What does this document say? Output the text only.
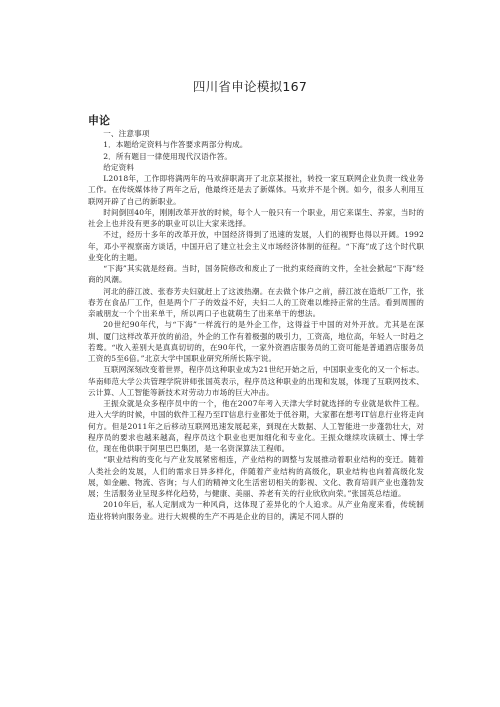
四川省申论模拟167
申论

一、注意事项

1．本题给定资料与作答要求两部分构成。

2．所有题目一律使用现代汉语作答。

给定资料

L2018年，工作即将满两年的马欢辞职离开了北京某报社，转投一家互联网企业负责一线业务工作。在传统媒体待了两年之后，他最终还是去了新媒体。马欢并不是个例。如今，很多人利用互联网开辟了自己的新职业。

时间倒回40年，刚刚改革开放的时候，每个人一般只有一个职业，用它来谋生、养家，当时的社会上也并没有更多的职业可以让大家来选择。

不过，经历十多年的改革开放，中国经济得到了迅速的发展，人们的视野也得以开阔。1992年，邓小平视察南方谈话，中国开启了建立社会主义市场经济体制的征程。“下海”成了这个时代职业变化的主题。

“下海”其实就是经商。当时，国务院修改和废止了一批约束经商的文件，全社会掀起“下海”经商的风潮。

河北的薛江波、张春芳夫妇就赶上了这波热潮。在去做个体户之前，薛江波在造纸厂工作，张春芳在食品厂工作，但是两个厂子的效益不好，夫妇二人的工资难以维持正常的生活。看到周围的亲戚朋友一个个出来单干，所以两口子也就萌生了出来单干的想法。

20世纪90年代，与“下海”一样流行的是外企工作，这得益于中国的对外开放。尤其是在深圳、厦门这样改革开放的前沿，外企的工作有着极强的吸引力，工资高，地位高，年轻人一时趋之若鹜。“收入差别大是真真切切的，在90年代，一家外资酒店服务员的工资可能是普通酒店服务员工资的5至6倍。”北京大学中国职业研究所所长陈宇说。

互联网深刻改变着世界，程序员这种职业成为21世纪开始之后，中国职业变化的又一个标志。华南师范大学公共管理学院讲师张国英表示，程序员这种职业的出现和发展，体现了互联网技术、云计算、人工智能等新技术对劳动力市场的巨大冲击。

王振众就是众多程序员中的一个，他在2007年考入天津大学时就选择的专业就是软件工程。进入大学的时候，中国的软件工程乃至IT信息行业都处于低谷期，大家都在想考IT信息行业将走向何方。但是2011年之后移动互联网迅速发展起来，到现在大数据、人工智能进一步蓬勃壮大，对程序员的要求也越来越高，程序员这个职业也更加细化和专业化。王振众继续攻读硕士、博士学位，现在他供职于阿里巴巴集团，是一名资深算法工程师。

“职业结构的变化与产业发展紧密相连，产业结构的调整与发展推动着职业结构的变迁。随着人类社会的发展，人们的需求日异多样化，伴随着产业结构的高级化，职业结构也向着高级化发展，如金融、物流、咨询；与人们的精神文化生活密切相关的影视、文化、教育培训产业也蓬勃发展；生活服务业呈现多样化趋势，与健康、美丽、养老有关的行业欣欣向荣。”张国英总结道。

2010年后，私人定制成为一种风尚，这体现了差异化的个人追求。从产业角度来看，传统制造业将转向服务业。进行大规模的生产不再是企业的目的，满足不同人群的
